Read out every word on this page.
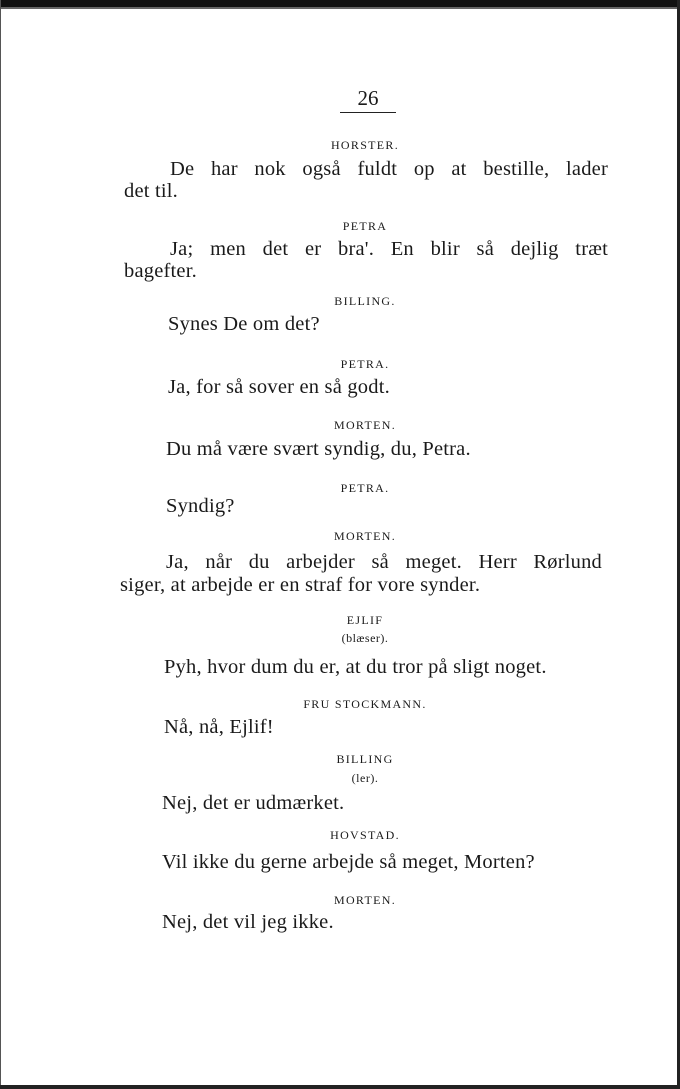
26
HORSTER.
De har nok også fuldt op at bestille, lader
det til.
PETRA
Ja; men det er bra'. En blir så dejlig træt
bagefter.
BILLING.
Synes De om det?
PETRA.
Ja, for så sover en så godt.
MORTEN.
Du må være svært syndig, du, Petra.
PETRA.
Syndig?
MORTEN.
Ja, når du arbejder så meget. Herr Rørlund
siger, at arbejde er en straf for vore synder.
EJLIF
(blæser).
Pyh, hvor dum du er, at du tror på sligt noget.
FRU STOCKMANN.
Nå, nå, Ejlif!
BILLING
(ler).
Nej, det er udmærket.
HOVSTAD.
Vil ikke du gerne arbejde så meget, Morten?
MORTEN.
Nej, det vil jeg ikke.
